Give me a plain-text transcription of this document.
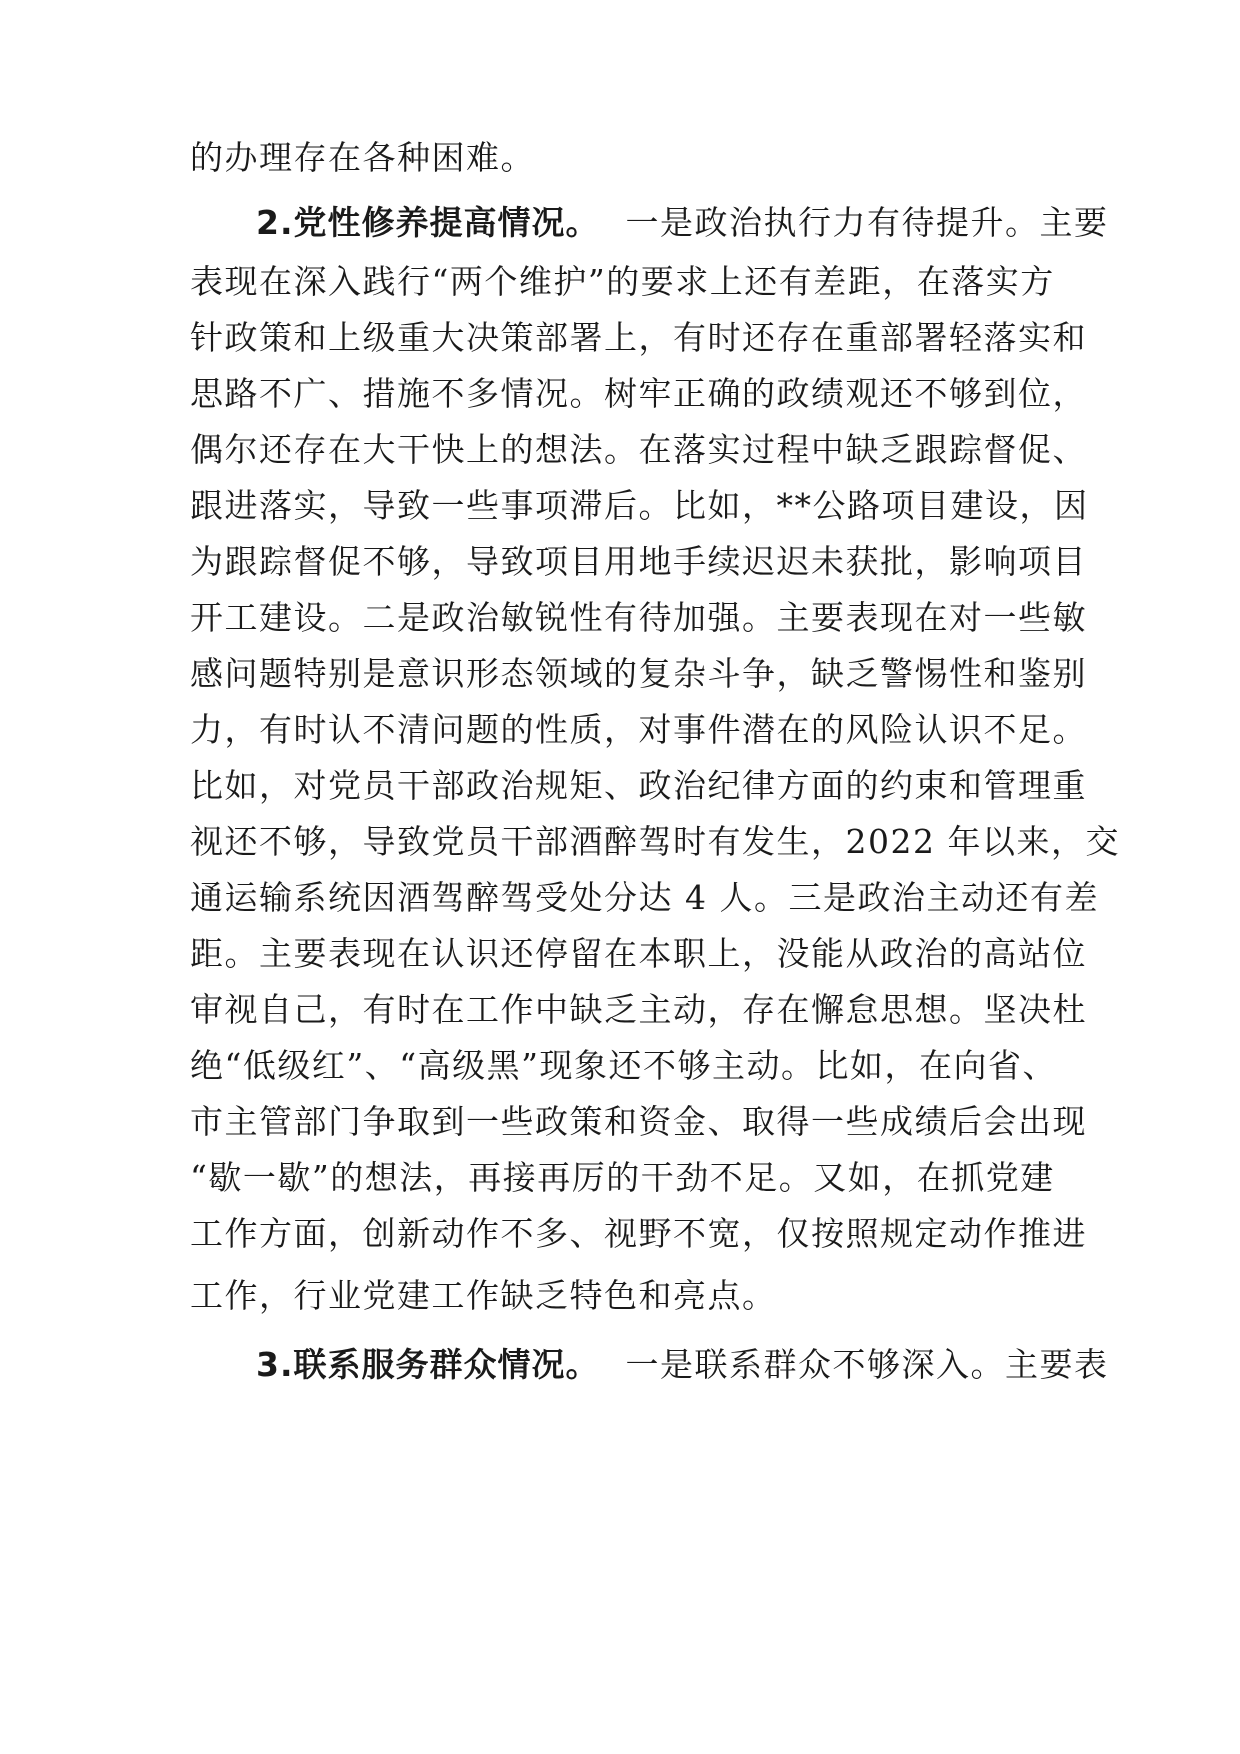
的办理存在各种困难。
2.党性修养提高情况。 一是政治执行力有待提升。主要
表现在深入践行“两个维护”的要求上还有差距，在落实方
针政策和上级重大决策部署上，有时还存在重部署轻落实和
思路不广、措施不多情况。树牢正确的政绩观还不够到位，
偶尔还存在大干快上的想法。在落实过程中缺乏跟踪督促、
跟进落实，导致一些事项滞后。比如，**公路项目建设，因
为跟踪督促不够，导致项目用地手续迟迟未获批，影响项目
开工建设。二是政治敏锐性有待加强。主要表现在对一些敏
感问题特别是意识形态领域的复杂斗争，缺乏警惕性和鉴别
力，有时认不清问题的性质，对事件潜在的风险认识不足。
比如，对党员干部政治规矩、政治纪律方面的约束和管理重
视还不够，导致党员干部酒醉驾时有发生，2022 年以来，交
通运输系统因酒驾醉驾受处分达 4 人。三是政治主动还有差
距。主要表现在认识还停留在本职上，没能从政治的高站位
审视自己，有时在工作中缺乏主动，存在懈怠思想。坚决杜
绝“低级红”、“高级黑”现象还不够主动。比如，在向省、
市主管部门争取到一些政策和资金、取得一些成绩后会出现
“歇一歇”的想法，再接再厉的干劲不足。又如，在抓党建
工作方面，创新动作不多、视野不宽，仅按照规定动作推进
工作，行业党建工作缺乏特色和亮点。
3.联系服务群众情况。 一是联系群众不够深入。主要表
